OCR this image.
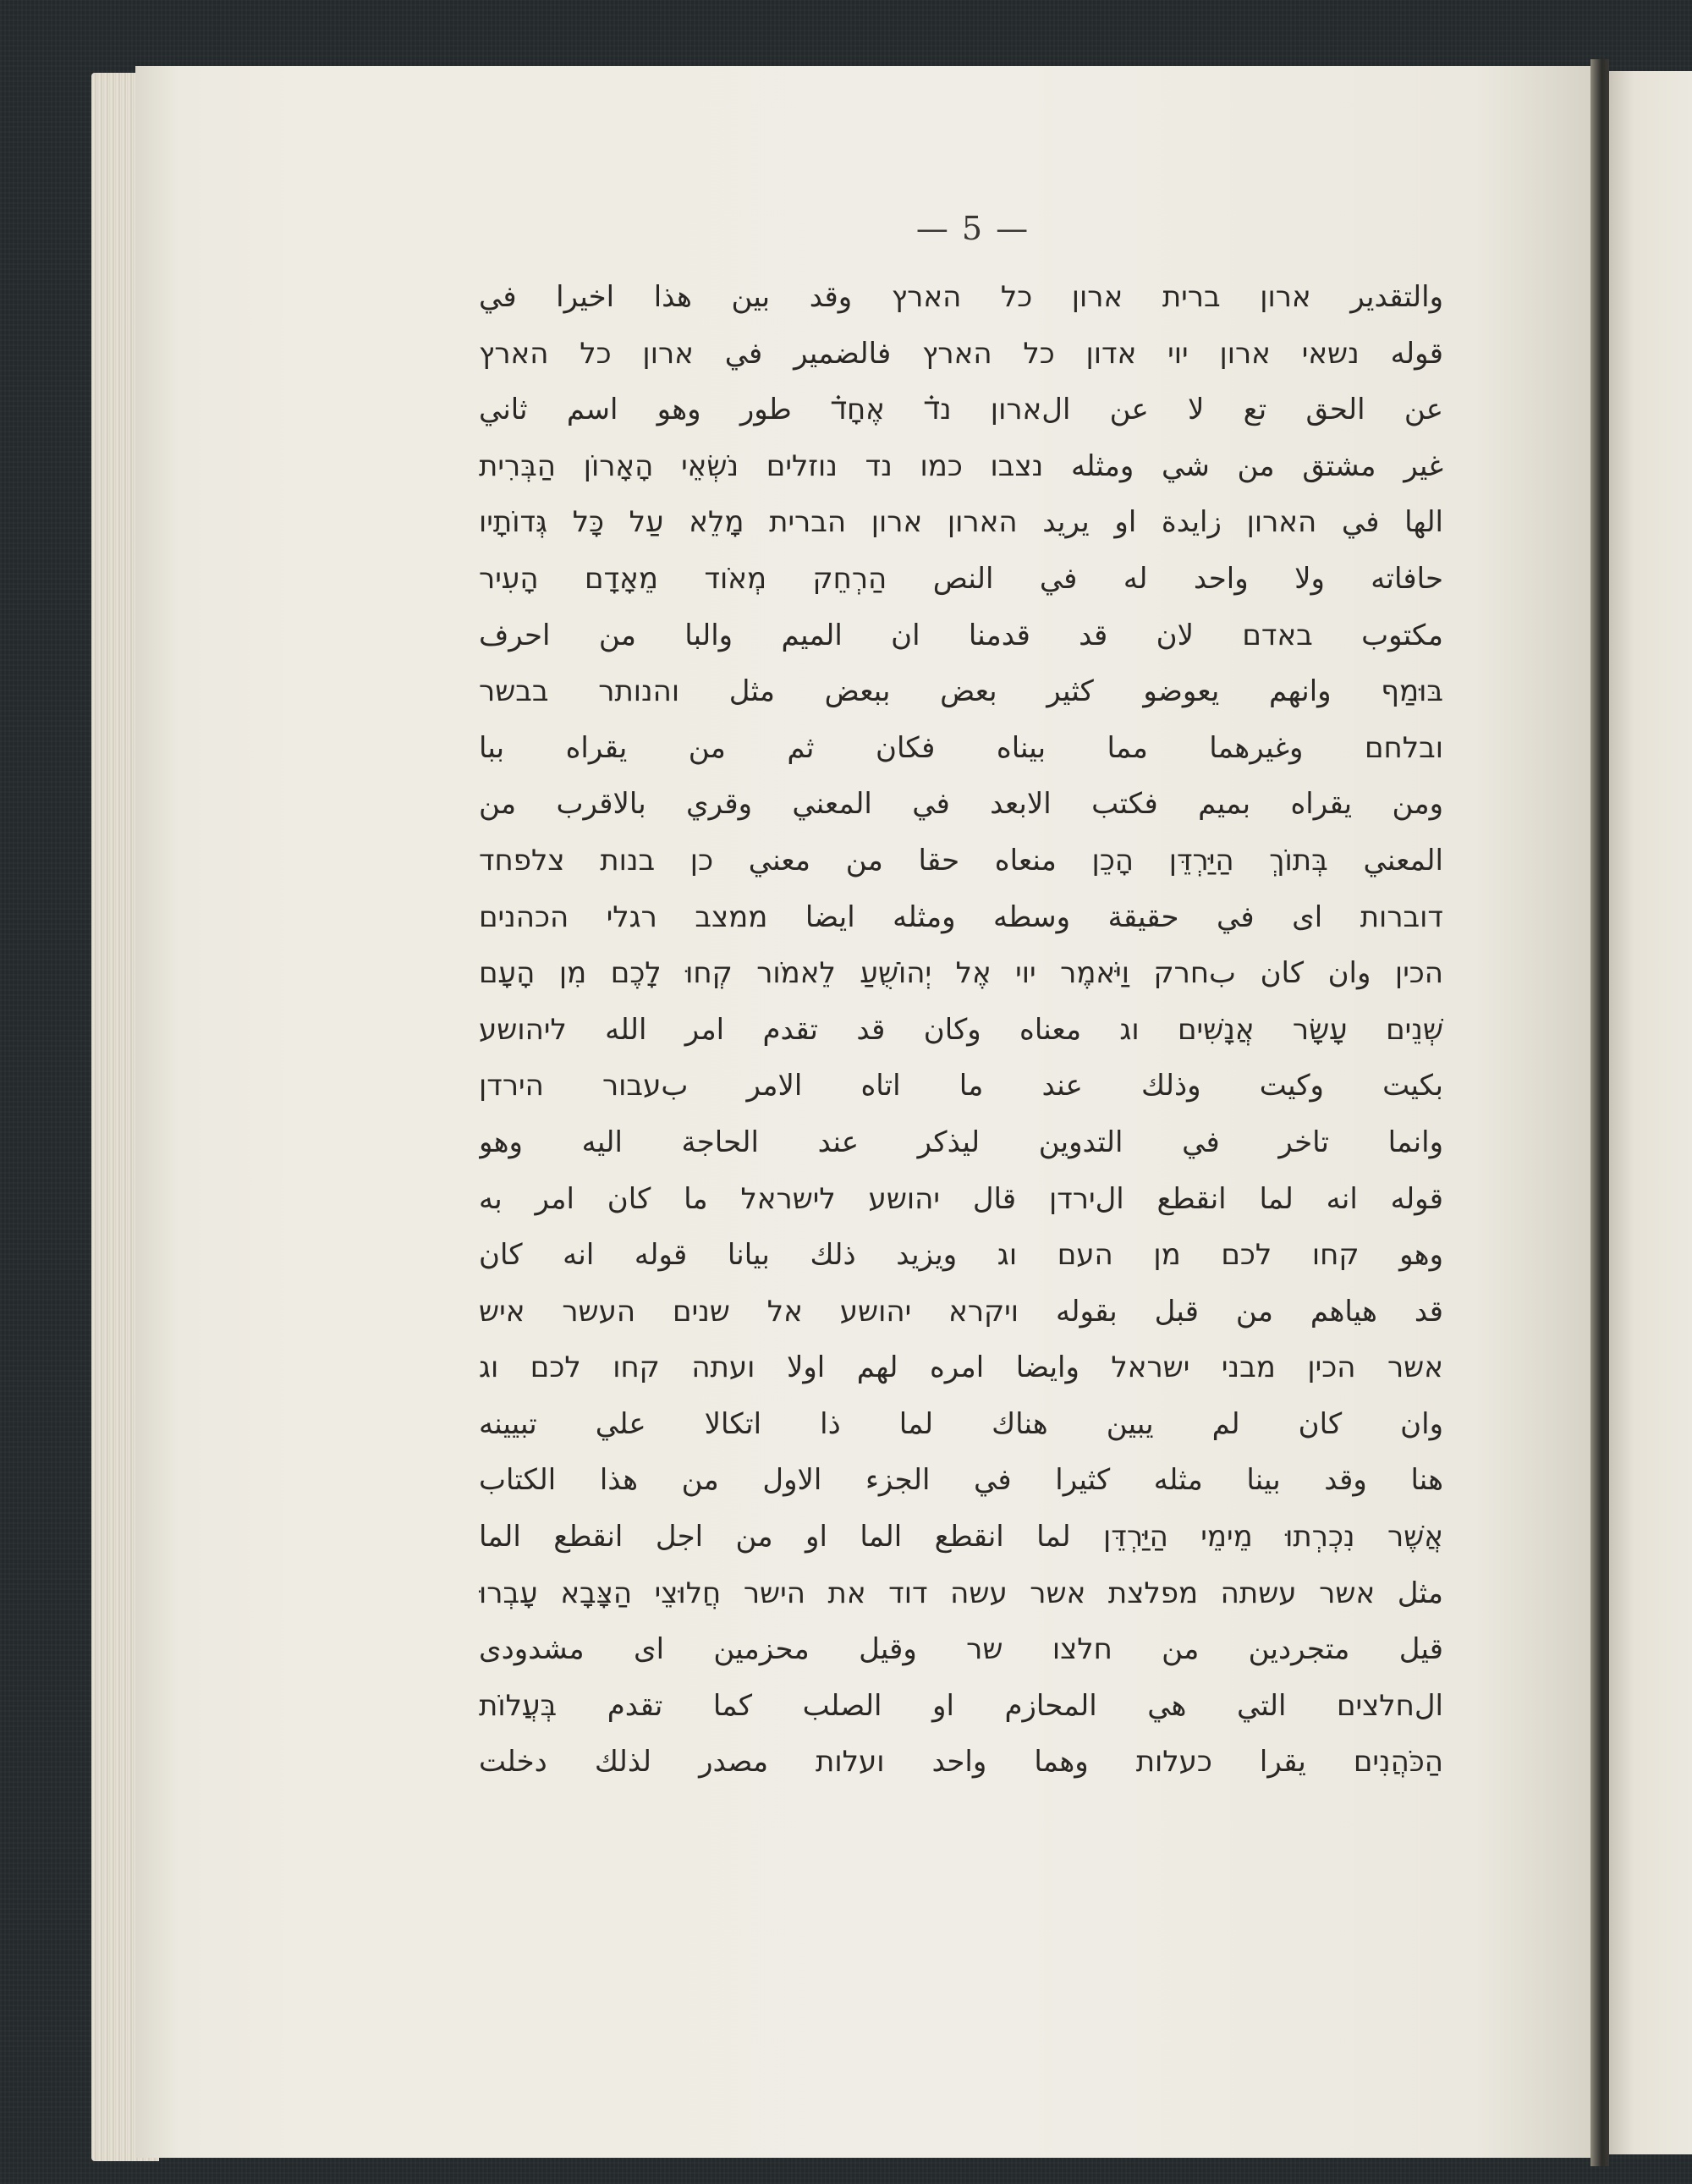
— 5 —
والتقدير ארון ברית ארון כל הארץ وقد بين هذا اخيرا في
قوله נשאי ארון יוי אדון כל הארץ فالضمير في ארון כל הארץ
عن الحق تع لا عن الארון נד֗ אֶחָד֗ طور وهو اسم ثاني
غير مشتق من شي ومثله נצבו כמו נד נוזלים נֹשְׂאֵי הָאָרוֹן הַבְּרִית
الها في הארון زايدة او يريد הארון ארון הברית מָלֵא עַל כָּל גְּדוֹתָיו
حافاته ولا واحد له في النص הַרְחֵק מְאֹוד מֵאָדָם הָעִיר
مكتوب באדם لان قد قدمنا ان الميم والبا من احرف
בּוּמַף وانهم يعوضو كثير بعض ببعض مثل והנותר בבשר
ובלחם وغيرهما مما بيناه فكان ثم من يقراه ببا
ومن يقراه بميم فكتب الابعد في المعني وقري بالاقرب من
المعني בְּתוֹךְ הַיַּרְדֵּן הָכֵן منعاه حقا من معني כן בנות צלפחד
דוברות اى في حقيقة وسطه ومثله ايضا ממצב רגלי הכהנים
הכין وان كان بחרק וַיֹּאמֶר יוי אֶל יְהוֹשֻׁעַ לֵאמֹור קְחוּ לָכֶם מִן הָעָם
שְׁנֵים עָשָׂר אֲנָשִׁים וג معناه وكان قد تقدم امر الله ליהושע
بكيت وكيت وذلك عند ما اتاه الامر بעבור הירדן
وانما تاخر في التدوين ليذكر عند الحاجة اليه وهو
قوله انه لما انقطع الירדן قال יהושע לישראל ما كان امر به
وهو קחו לכם מן העם וג ويزيد ذلك بيانا قوله انه كان
قد هياهم من قبل بقوله ויקרא יהושע אל שנים העשר איש
אשר הכין מבני ישראל وايضا امره لهم اولا ועתה קחו לכם וג
وان كان لم يبين هناك لما ذا اتكالا علي تبيينه
هنا وقد بينا مثله كثيرا في الجزء الاول من هذا الكتاب
אֲשֶׁר נִכְרְתוּ מֵימֵי הַיַּרְדֵּן لما انقطع الما او من اجل انقطع الما
مثل אשר עשתה מפלצת אשר עשה דוד את הישר חֲלוּצֵי הַצָּבָא עָבְרוּ
قيل متجردين من חלצו שר وقيل محزمين اى مشدودى
الחלצים التي هي المحازم او الصلب كما تقدم בְּעֲלוֹת
הַכֹּהֲנִים يقرا כעלות وهما واحد ועלות مصدر لذلك دخلت
